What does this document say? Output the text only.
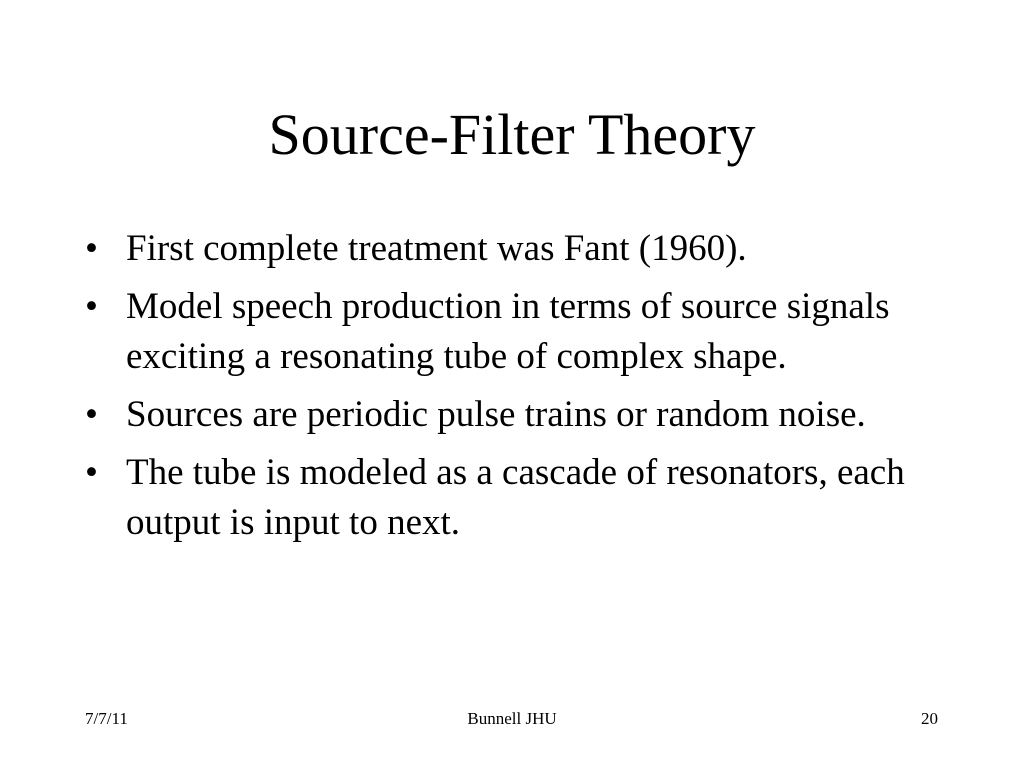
Source-Filter Theory
• First complete treatment was Fant (1960).
• Model speech production in terms of source signals exciting a resonating tube of complex shape.
• Sources are periodic pulse trains or random noise.
• The tube is modeled as a cascade of resonators, each output is input to next.
7/7/11	Bunnell JHU	20
